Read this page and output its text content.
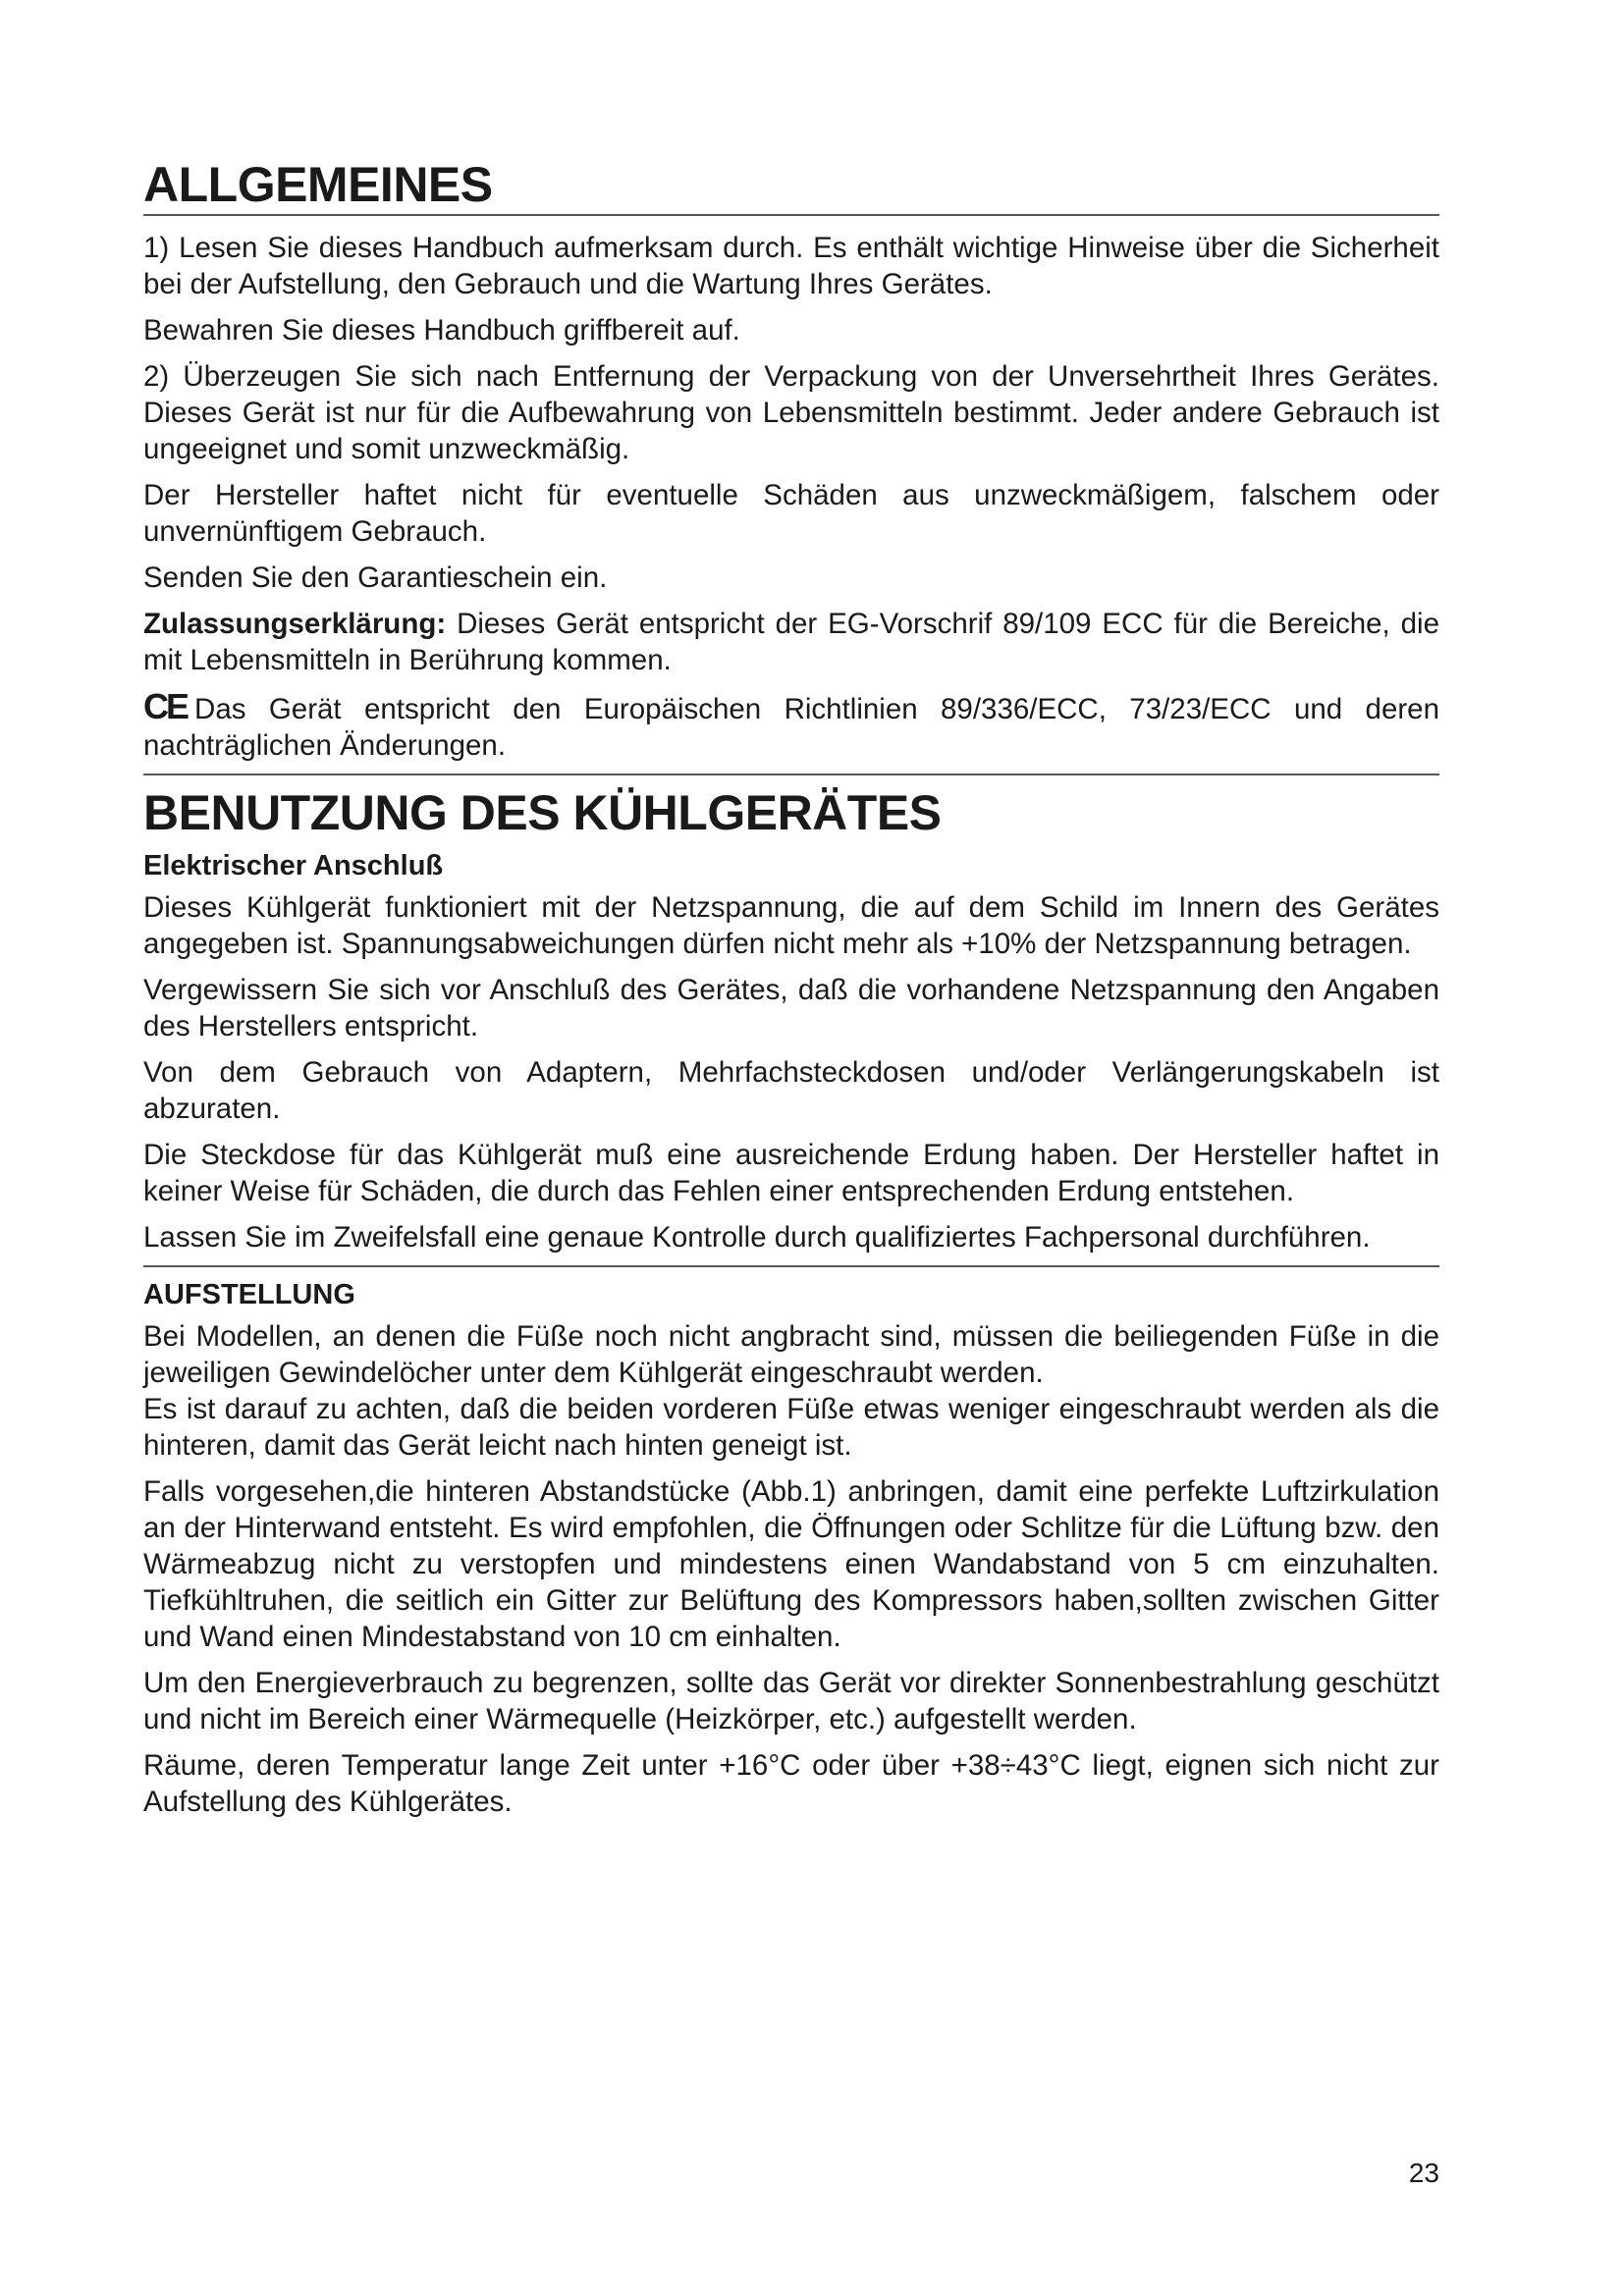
ALLGEMEINES

1) Lesen Sie dieses Handbuch aufmerksam durch. Es enthält wichtige Hinweise über die Sicherheit bei der Aufstellung, den Gebrauch und die Wartung Ihres Gerätes.

Bewahren Sie dieses Handbuch griffbereit auf.

2) Überzeugen Sie sich nach Entfernung der Verpackung von der Unversehrtheit Ihres Gerätes. Dieses Gerät ist nur für die Aufbewahrung von Lebensmitteln bestimmt. Jeder andere Gebrauch ist ungeeignet und somit unzweckmäßig.

Der Hersteller haftet nicht für eventuelle Schäden aus unzweckmäßigem, falschem oder unvernünftigem Gebrauch.

Senden Sie den Garantieschein ein.

Zulassungserklärung: Dieses Gerät entspricht der EG-Vorschrif 89/109 ECC für die Bereiche, die mit Lebensmitteln in Berührung kommen.

CE Das Gerät entspricht den Europäischen Richtlinien 89/336/ECC, 73/23/ECC und deren nachträglichen Änderungen.

BENUTZUNG DES KÜHLGERÄTES
Elektrischer Anschluß

Dieses Kühlgerät funktioniert mit der Netzspannung, die auf dem Schild im Innern des Gerätes angegeben ist. Spannungsabweichungen dürfen nicht mehr als +10% der Netzspannung betragen.

Vergewissern Sie sich vor Anschluß des Gerätes, daß die vorhandene Netzspannung den Angaben des Herstellers entspricht.

Von dem Gebrauch von Adaptern, Mehrfachsteckdosen und/oder Verlängerungskabeln ist abzuraten.

Die Steckdose für das Kühlgerät muß eine ausreichende Erdung haben. Der Hersteller haftet in keiner Weise für Schäden, die durch das Fehlen einer entsprechenden Erdung entstehen.

Lassen Sie im Zweifelsfall eine genaue Kontrolle durch qualifiziertes Fachpersonal durchführen.

AUFSTELLUNG

Bei Modellen, an denen die Füße noch nicht angbracht sind, müssen die beiliegenden Füße in die jeweiligen Gewindelöcher unter dem Kühlgerät eingeschraubt werden.

Es ist darauf zu achten, daß die beiden vorderen Füße etwas weniger eingeschraubt werden als die hinteren, damit das Gerät leicht nach hinten geneigt ist.

Falls vorgesehen,die hinteren Abstandstücke (Abb.1) anbringen, damit eine perfekte Luftzirkulation an der Hinterwand entsteht. Es wird empfohlen, die Öffnungen oder Schlitze für die Lüftung bzw. den Wärmeabzug nicht zu verstopfen und mindestens einen Wandabstand von 5 cm einzuhalten. Tiefkühltruhen, die seitlich ein Gitter zur Belüftung des Kompressors haben,sollten zwischen Gitter und Wand einen Mindestabstand von 10 cm einhalten.

Um den Energieverbrauch zu begrenzen, sollte das Gerät vor direkter Sonnenbestrahlung geschützt und nicht im Bereich einer Wärmequelle (Heizkörper, etc.) aufgestellt werden.

Räume, deren Temperatur lange Zeit unter +16°C oder über +38÷43°C liegt, eignen sich nicht zur Aufstellung des Kühlgerätes.

23
